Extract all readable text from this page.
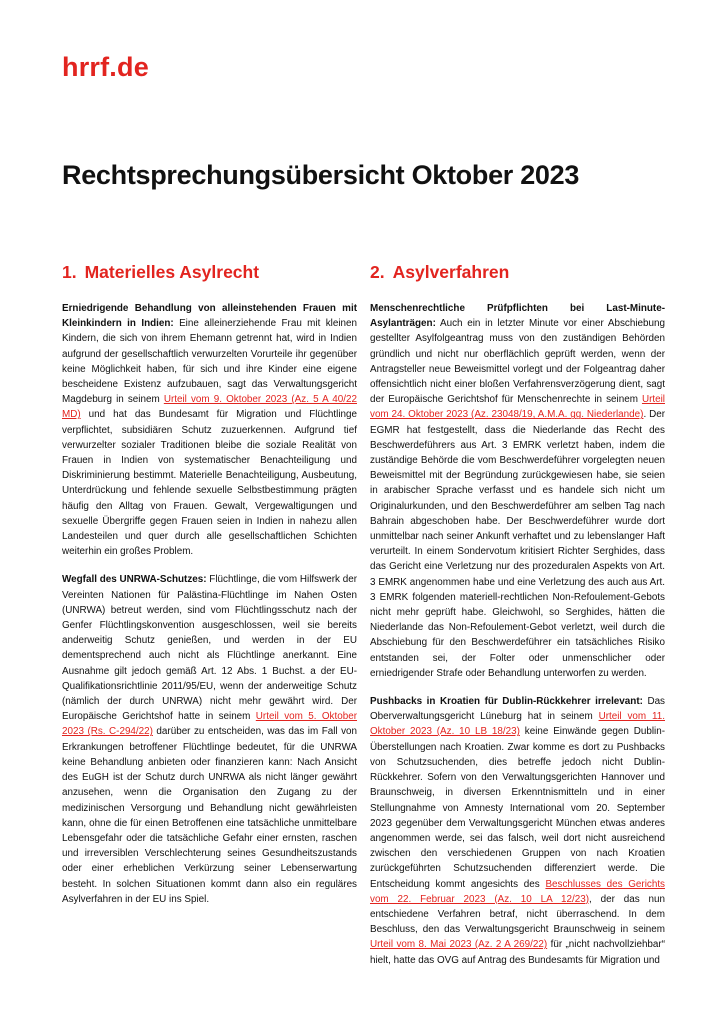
hrrf.de
Rechtsprechungsübersicht Oktober 2023
1. Materielles Asylrecht

Erniedrigende Behandlung von alleinstehenden Frauen mit Kleinkindern in Indien: Eine alleinerziehende Frau mit kleinen Kindern, die sich von ihrem Ehemann getrennt hat, wird in Indien aufgrund der gesellschaftlich verwurzelten Vorurteile ihr gegenüber keine Möglichkeit haben, für sich und ihre Kinder eine eigene bescheidene Existenz aufzubauen, sagt das Verwaltungsgericht Magdeburg in seinem Urteil vom 9. Oktober 2023 (Az. 5 A 40/22 MD) und hat das Bundesamt für Migration und Flüchtlinge verpflichtet, subsidiären Schutz zuzuerkennen. Aufgrund tief verwurzelter sozialer Traditionen bleibe die soziale Realität von Frauen in Indien von systematischer Benachteiligung und Diskriminierung bestimmt. Materielle Benachteiligung, Ausbeutung, Unterdrückung und fehlende sexuelle Selbstbestimmung prägten häufig den Alltag von Frauen. Gewalt, Vergewaltigungen und sexuelle Übergriffe gegen Frauen seien in Indien in nahezu allen Landesteilen und quer durch alle gesellschaftlichen Schichten weiterhin ein großes Problem.

Wegfall des UNRWA-Schutzes: Flüchtlinge, die vom Hilfswerk der Vereinten Nationen für Palästina-Flüchtlinge im Nahen Osten (UNRWA) betreut werden, sind vom Flüchtlingsschutz nach der Genfer Flüchtlingskonvention ausgeschlossen, weil sie bereits anderweitig Schutz genießen, und werden in der EU dementsprechend auch nicht als Flüchtlinge anerkannt. Eine Ausnahme gilt jedoch gemäß Art. 12 Abs. 1 Buchst. a der EU-Qualifikationsrichtlinie 2011/95/EU, wenn der anderweitige Schutz (nämlich der durch UNRWA) nicht mehr gewährt wird. Der Europäische Gerichtshof hatte in seinem Urteil vom 5. Oktober 2023 (Rs. C-294/22) darüber zu entscheiden, was das im Fall von Erkrankungen betroffener Flüchtlinge bedeutet, für die UNRWA keine Behandlung anbieten oder finanzieren kann: Nach Ansicht des EuGH ist der Schutz durch UNRWA als nicht länger gewährt anzusehen, wenn die Organisation den Zugang zu der medizinischen Versorgung und Behandlung nicht gewährleisten kann, ohne die für einen Betroffenen eine tatsächliche unmittelbare Lebensgefahr oder die tatsächliche Gefahr einer ernsten, raschen und irreversiblen Verschlechterung seines Gesundheitszustands oder einer erheblichen Verkürzung seiner Lebenserwartung besteht. In solchen Situationen kommt dann also ein reguläres Asylverfahren in der EU ins Spiel.

2. Asylverfahren

Menschenrechtliche Prüfpflichten bei Last-Minute-Asylanträgen: Auch ein in letzter Minute vor einer Abschiebung gestellter Asylfolgeantrag muss von den zuständigen Behörden gründlich und nicht nur oberflächlich geprüft werden, wenn der Antragsteller neue Beweismittel vorlegt und der Folgeantrag daher offensichtlich nicht einer bloßen Verfahrensverzögerung dient, sagt der Europäische Gerichtshof für Menschenrechte in seinem Urteil vom 24. Oktober 2023 (Az. 23048/19, A.M.A. gg. Niederlande). Der EGMR hat festgestellt, dass die Niederlande das Recht des Beschwerdeführers aus Art. 3 EMRK verletzt haben, indem die zuständige Behörde die vom Beschwerdeführer vorgelegten neuen Beweismittel mit der Begründung zurückgewiesen habe, sie seien in arabischer Sprache verfasst und es handele sich nicht um Originalurkunden, und den Beschwerdeführer am selben Tag nach Bahrain abgeschoben habe. Der Beschwerdeführer wurde dort unmittelbar nach seiner Ankunft verhaftet und zu lebenslanger Haft verurteilt. In einem Sondervotum kritisiert Richter Serghides, dass das Gericht eine Verletzung nur des prozeduralen Aspekts von Art. 3 EMRK angenommen habe und eine Verletzung des auch aus Art. 3 EMRK folgenden materiell-rechtlichen Non-Refoulement-Gebots nicht mehr geprüft habe. Gleichwohl, so Serghides, hätten die Niederlande das Non-Refoulement-Gebot verletzt, weil durch die Abschiebung für den Beschwerdeführer ein tatsächliches Risiko entstanden sei, der Folter oder unmenschlicher oder erniedrigender Strafe oder Behandlung unterworfen zu werden.

Pushbacks in Kroatien für Dublin-Rückkehrer irrelevant: Das Oberverwaltungsgericht Lüneburg hat in seinem Urteil vom 11. Oktober 2023 (Az. 10 LB 18/23) keine Einwände gegen Dublin-Überstellungen nach Kroatien. Zwar komme es dort zu Pushbacks von Schutzsuchenden, dies betreffe jedoch nicht Dublin-Rückkehrer. Sofern von den Verwaltungsgerichten Hannover und Braunschweig, in diversen Erkenntnismitteln und in einer Stellungnahme von Amnesty International vom 20. September 2023 gegenüber dem Verwaltungsgericht München etwas anderes angenommen werde, sei das falsch, weil dort nicht ausreichend zwischen den verschiedenen Gruppen von nach Kroatien zurückgeführten Schutzsuchenden differenziert werde. Die Entscheidung kommt angesichts des Beschlusses des Gerichts vom 22. Februar 2023 (Az. 10 LA 12/23), der das nun entschiedene Verfahren betraf, nicht überraschend. In dem Beschluss, den das Verwaltungsgericht Braunschweig in seinem Urteil vom 8. Mai 2023 (Az. 2 A 269/22) für „nicht nachvollziehbar“ hielt, hatte das OVG auf Antrag des Bundesamts für Migration und
